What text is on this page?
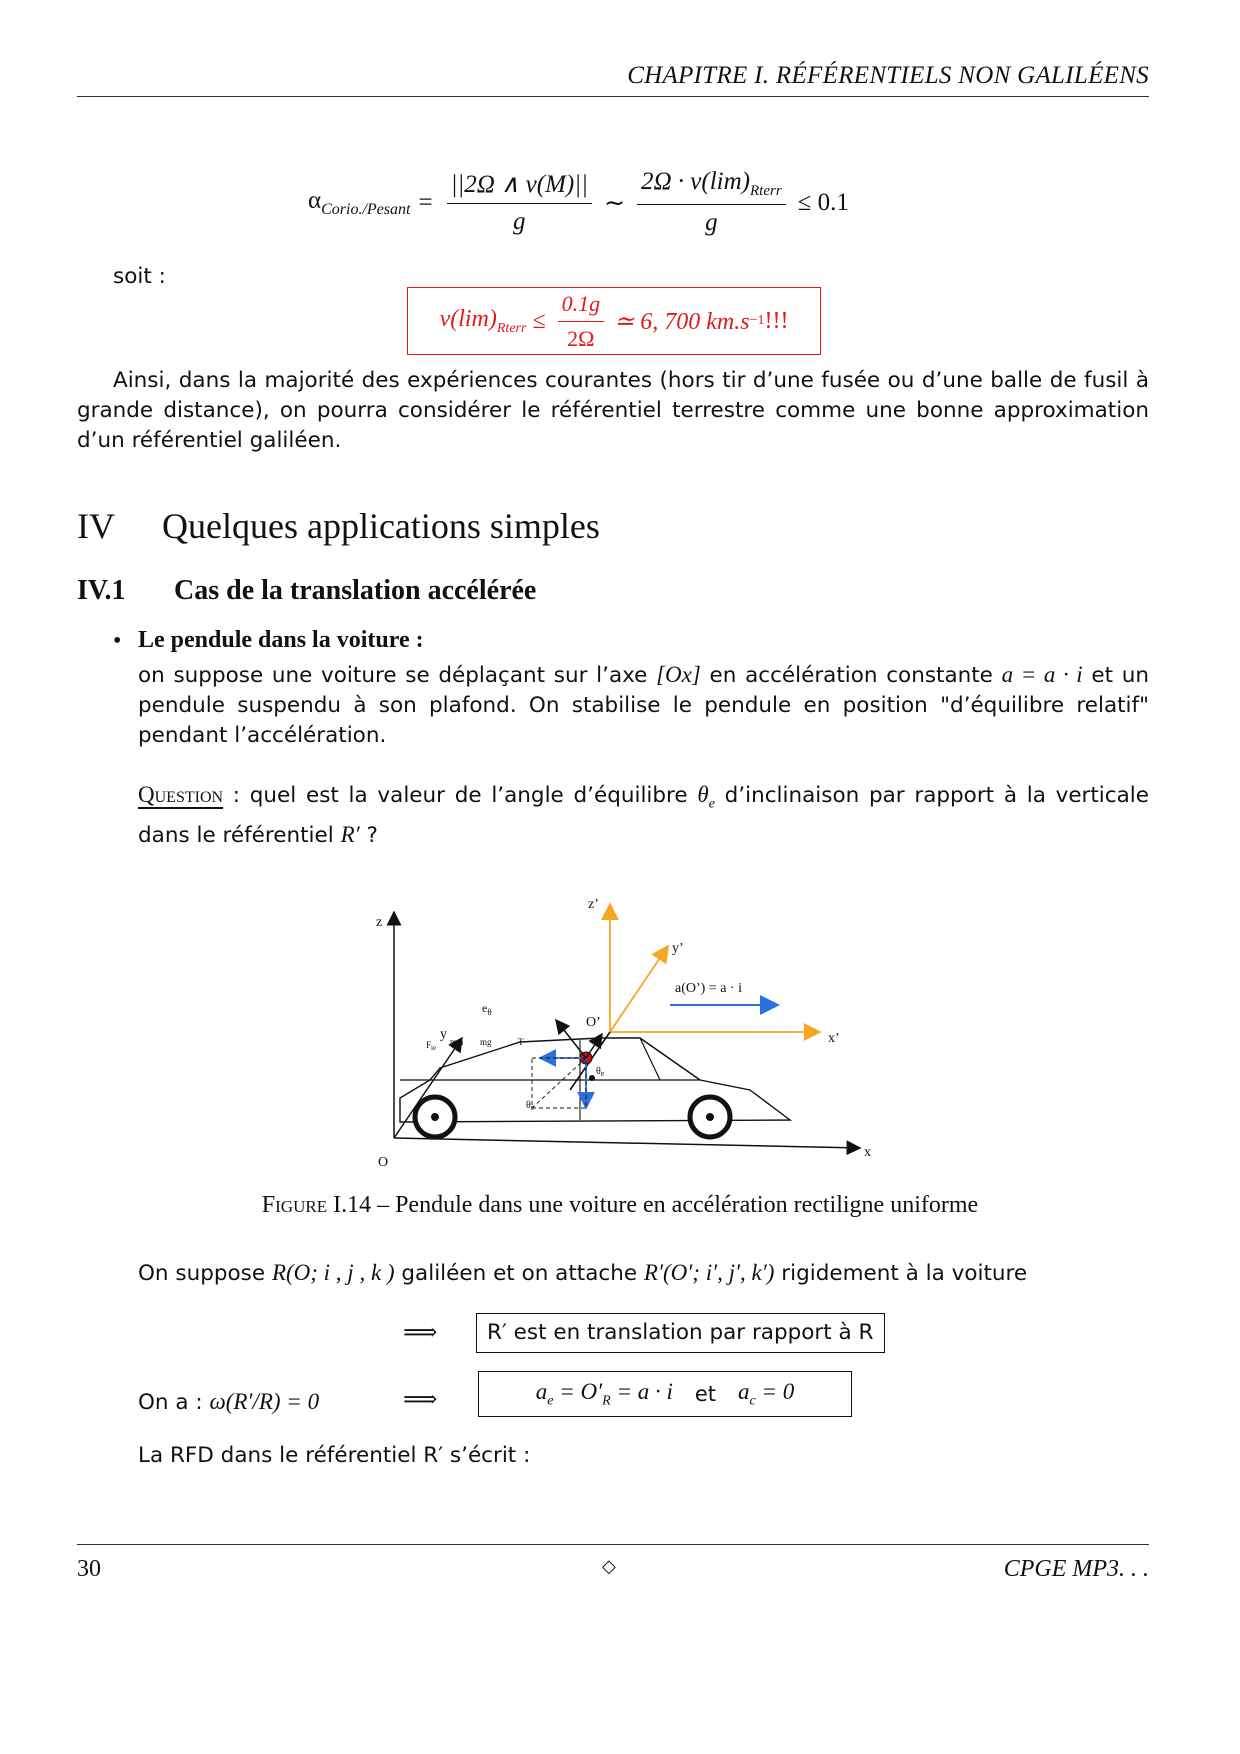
CHAPITRE I. RÉFÉRENTIELS NON GALILÉENS
$\alpha_{Corio./Pesant} = \frac{||2\Omega \wedge v(M)||}{g}$ ∼ $\frac{2\Omega \cdot v(\lim)_{Rterr}}{g} \le 0.1$
soit :
$v(\lim)_{Rterr} \le \frac{0.1g}{2\Omega}$ ≃ 6, 700 km.s −1 !!!
Ainsi, dans la majorité des expériences courantes (hors tir d’une fusée ou d’une balle de fusil à grande distance), on pourra considérer le référentiel terrestre comme une bonne approximation d’un référentiel galiléen.
IV	Quelques applications simples
IV.1	Cas de la translation accélérée
• Le pendule dans la voiture :
on suppose une voiture se déplaçant sur l’axe [Ox] en accélération constante a = a · i et un pendule suspendu à son plafond. On stabilise le pendule en position "d’équilibre relatif" pendant l’accélération.
Question : quel est la valeur de l’angle d’équilibre $\theta_e$ d’inclinaison par rapport à la verticale dans le référentiel R′ ?
z
y
O
x
z’
y’
x’
O’
a(O’) = a · i
$e_\theta$
$F_{ie}$
m a mg	T
$\theta_e$
$\theta_e$
Figure I.14 – Pendule dans une voiture en accélération rectiligne uniforme
On suppose R(O; i , j , k ) galiléen et on attache R′(O′; i′, j′, k′) rigidement à la voiture
⟹	R′ est en translation par rapport à R
On a : ω(R′/R) = 0	⟹	$a_e = O'_R = a \cdot i$ et $a_c = 0$
La RFD dans le référentiel R′ s’écrit :
30	◇	CPGE MP3. . .
